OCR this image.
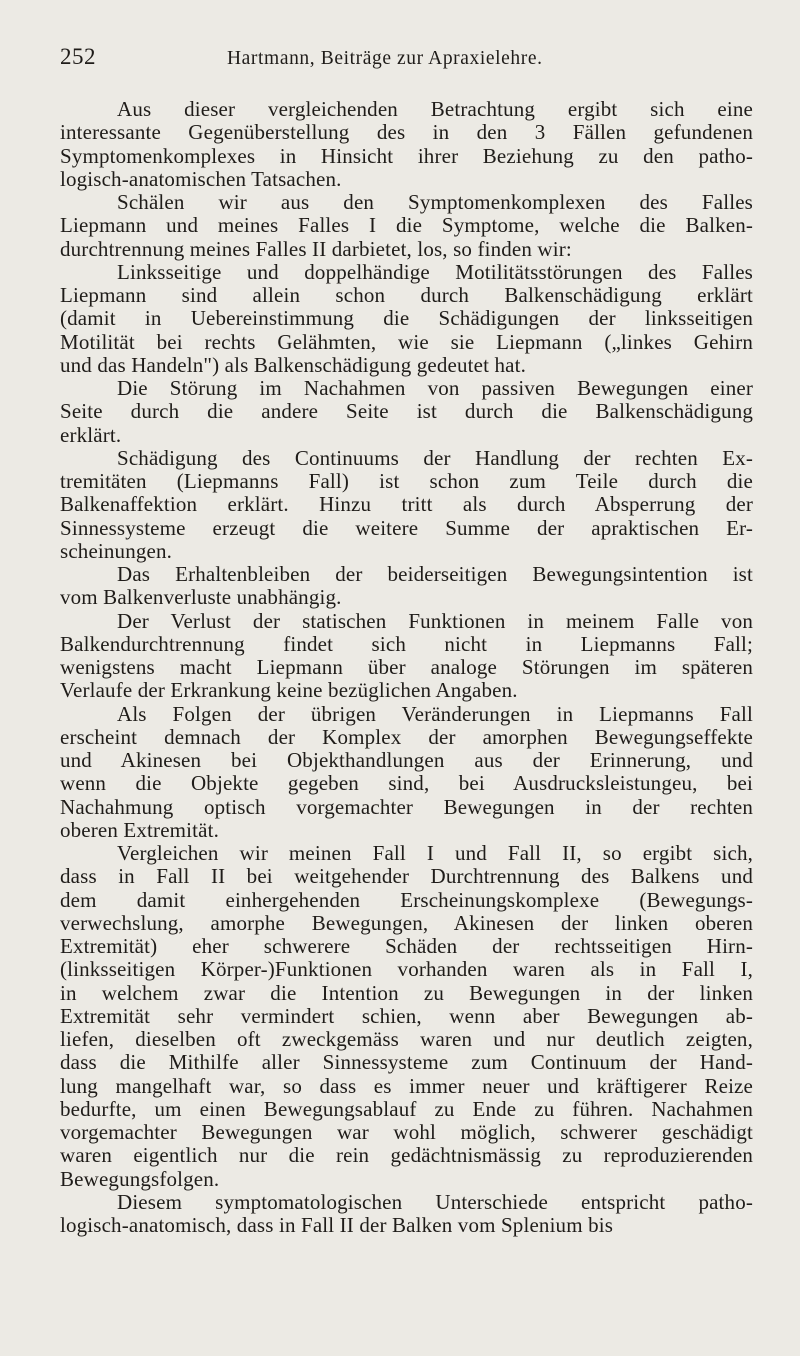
252	Hartmann, Beiträge zur Apraxielehre.
Aus dieser vergleichenden Betrachtung ergibt sich eine
interessante Gegenüberstellung des in den 3 Fällen gefundenen
Symptomenkomplexes in Hinsicht ihrer Beziehung zu den patho-
logisch-anatomischen Tatsachen.
Schälen wir aus den Symptomenkomplexen des Falles
Liepmann und meines Falles I die Symptome, welche die Balken-
durchtrennung meines Falles II darbietet, los, so finden wir:
Linksseitige und doppelhändige Motilitätsstörungen des Falles
Liepmann sind allein schon durch Balkenschädigung erklärt
(damit in Uebereinstimmung die Schädigungen der linksseitigen
Motilität bei rechts Gelähmten, wie sie Liepmann („linkes Gehirn
und das Handeln") als Balkenschädigung gedeutet hat.
Die Störung im Nachahmen von passiven Bewegungen einer
Seite durch die andere Seite ist durch die Balkenschädigung
erklärt.
Schädigung des Continuums der Handlung der rechten Ex-
tremitäten (Liepmanns Fall) ist schon zum Teile durch die
Balkenaffektion erklärt. Hinzu tritt als durch Absperrung der
Sinnessysteme erzeugt die weitere Summe der apraktischen Er-
scheinungen.
Das Erhaltenbleiben der beiderseitigen Bewegungsintention ist
vom Balkenverluste unabhängig.
Der Verlust der statischen Funktionen in meinem Falle von
Balkendurchtrennung findet sich nicht in Liepmanns Fall;
wenigstens macht Liepmann über analoge Störungen im späteren
Verlaufe der Erkrankung keine bezüglichen Angaben.
Als Folgen der übrigen Veränderungen in Liepmanns Fall
erscheint demnach der Komplex der amorphen Bewegungseffekte
und Akinesen bei Objekthandlungen aus der Erinnerung, und
wenn die Objekte gegeben sind, bei Ausdrucksleistungeu, bei
Nachahmung optisch vorgemachter Bewegungen in der rechten
oberen Extremität.
Vergleichen wir meinen Fall I und Fall II, so ergibt sich,
dass in Fall II bei weitgehender Durchtrennung des Balkens und
dem damit einhergehenden Erscheinungskomplexe (Bewegungs-
verwechslung, amorphe Bewegungen, Akinesen der linken oberen
Extremität) eher schwerere Schäden der rechtsseitigen Hirn-
(linksseitigen Körper-)Funktionen vorhanden waren als in Fall I,
in welchem zwar die Intention zu Bewegungen in der linken
Extremität sehr vermindert schien, wenn aber Bewegungen ab-
liefen, dieselben oft zweckgemäss waren und nur deutlich zeigten,
dass die Mithilfe aller Sinnessysteme zum Continuum der Hand-
lung mangelhaft war, so dass es immer neuer und kräftigerer Reize
bedurfte, um einen Bewegungsablauf zu Ende zu führen. Nachahmen
vorgemachter Bewegungen war wohl möglich, schwerer geschädigt
waren eigentlich nur die rein gedächtnismässig zu reproduzierenden
Bewegungsfolgen.
Diesem symptomatologischen Unterschiede entspricht patho-
logisch-anatomisch, dass in Fall II der Balken vom Splenium bis
